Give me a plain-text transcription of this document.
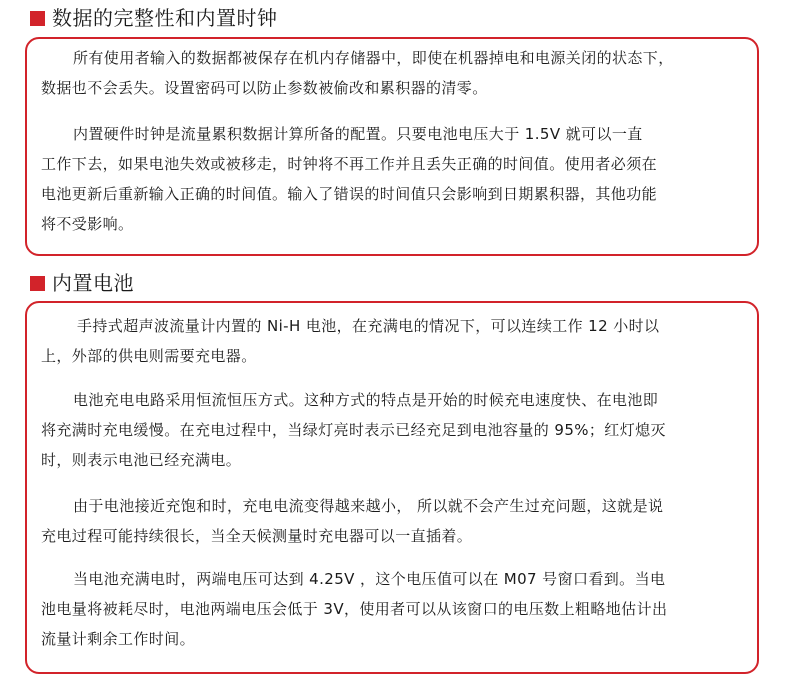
数据的完整性和内置时钟
所有使用者输入的数据都被保存在机内存储器中，即使在机器掉电和电源关闭的状态下，
数据也不会丢失。设置密码可以防止参数被偷改和累积器的清零。
内置硬件时钟是流量累积数据计算所备的配置。只要电池电压大于 1.5V 就可以一直
工作下去，如果电池失效或被移走，时钟将不再工作并且丢失正确的时间值。使用者必须在
电池更新后重新输入正确的时间值。输入了错误的时间值只会影响到日期累积器，其他功能
将不受影响。
内置电池
手持式超声波流量计内置的 Ni-H 电池，在充满电的情况下，可以连续工作 12 小时以
上，外部的供电则需要充电器。
电池充电电路采用恒流恒压方式。这种方式的特点是开始的时候充电速度快、在电池即
将充满时充电缓慢。在充电过程中，当绿灯亮时表示已经充足到电池容量的 95%；红灯熄灭
时，则表示电池已经充满电。
由于电池接近充饱和时，充电电流变得越来越小， 所以就不会产生过充问题，这就是说
充电过程可能持续很长，当全天候测量时充电器可以一直插着。
当电池充满电时，两端电压可达到 4.25V ，这个电压值可以在 M07 号窗口看到。当电
池电量将被耗尽时，电池两端电压会低于 3V，使用者可以从该窗口的电压数上粗略地估计出
流量计剩余工作时间。
